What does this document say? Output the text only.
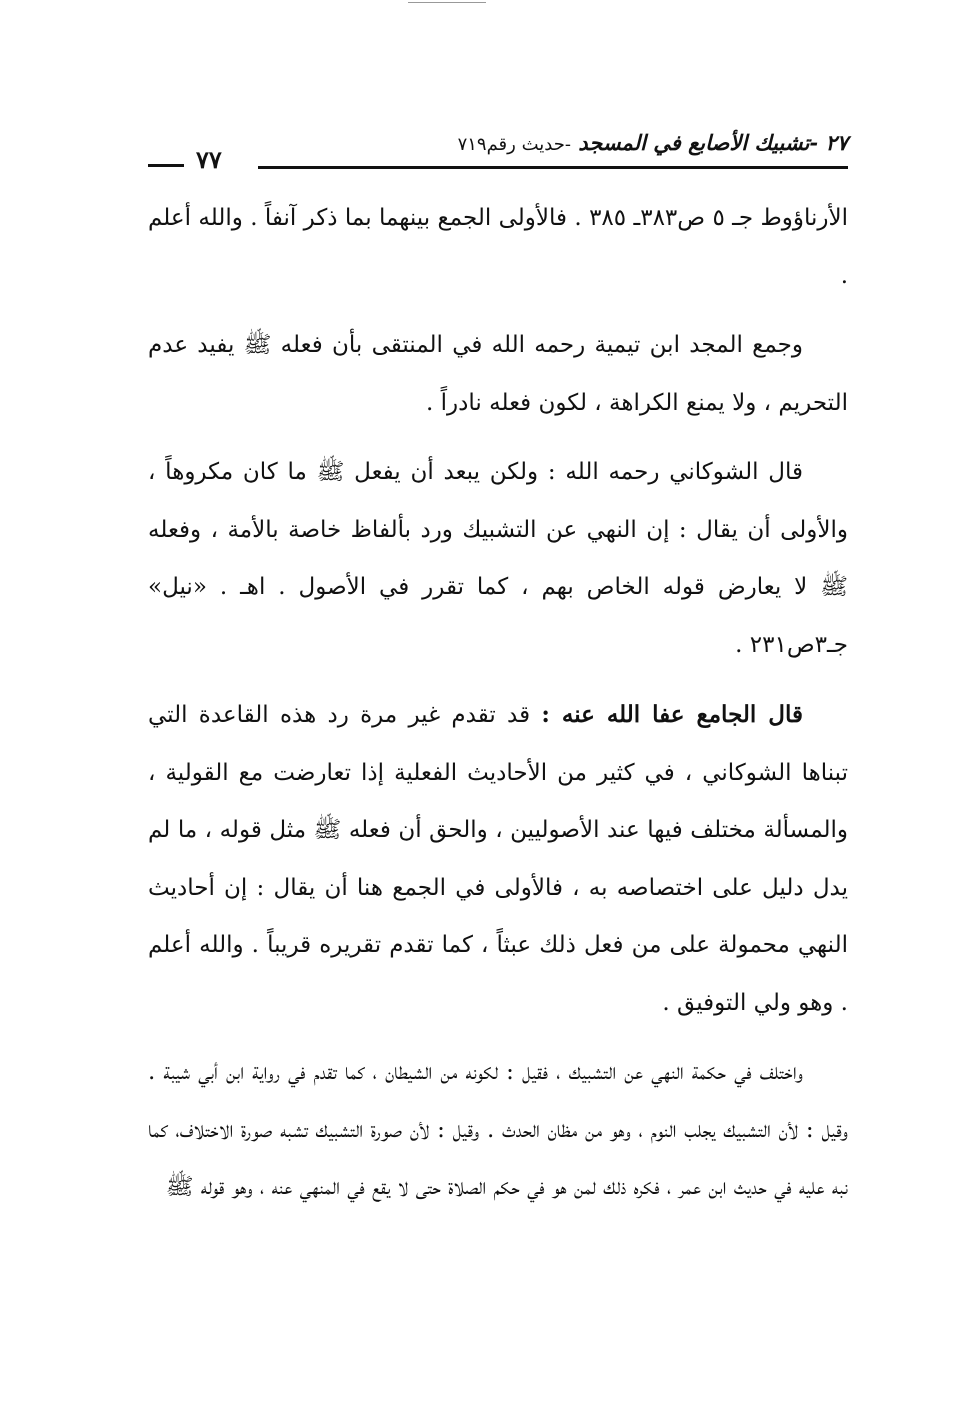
٢٧ -تشبيك الأصابع في المسجد -حديث رقم٧١٩
٧٧

الأرناؤوط جـ ٥ ص٣٨٣ـ ٣٨٥ . فالأولى الجمع بينهما بما ذكر آنفاً . والله أعلم .

وجمع المجد ابن تيمية رحمه الله في المنتقى بأن فعله ﷺ يفيد عدم التحريم ، ولا يمنع الكراهة ، لكون فعله نادراً .

قال الشوكاني رحمه الله : ولكن يبعد أن يفعل ﷺ ما كان مكروهاً ، والأولى أن يقال : إن النهي عن التشبيك ورد بألفاظ خاصة بالأمة ، وفعله ﷺ لا يعارض قوله الخاص بهم ، كما تقرر في الأصول . اهـ . «نيل» جـ٣ص٢٣١ .

قال الجامع عفا الله عنه : قد تقدم غير مرة رد هذه القاعدة التي تبناها الشوكاني ، في كثير من الأحاديث الفعلية إذا تعارضت مع القولية ، والمسألة مختلف فيها عند الأصوليين ، والحق أن فعله ﷺ مثل قوله ، ما لم يدل دليل على اختصاصه به ، فالأولى في الجمع هنا أن يقال : إن أحاديث النهي محمولة على من فعل ذلك عبثاً ، كما تقدم تقريره قريباً . والله أعلم . وهو ولي التوفيق .

واختلف في حكمة النهي عن التشبيك ، فقيل : لكونه من الشيطان ، كما تقدم في رواية ابن أبي شيبة . وقيل : لأن التشبيك يجلب النوم ، وهو من مظان الحدث . وقيل : لأن صورة التشبيك تشبه صورة الاختلاف، كما نبه عليه في حديث ابن عمر ، فكره ذلك لمن هو في حكم الصلاة حتى لا يقع في المنهي عنه ، وهو قوله ﷺ
